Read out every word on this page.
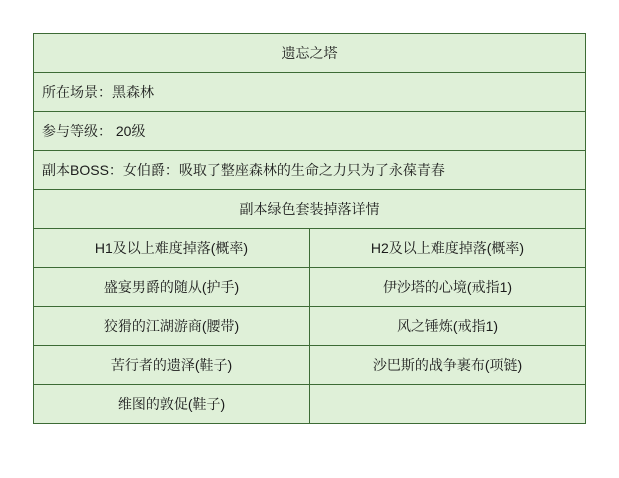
遗忘之塔	
所在场景：黑森林	
参与等级： 20级	
副本BOSS：女伯爵：吸取了整座森林的生命之力只为了永葆青春	
副本绿色套装掉落详情	
H1及以上难度掉落(概率)	H2及以上难度掉落(概率)
盛宴男爵的随从(护手)	伊沙塔的心境(戒指1)
狡猾的江湖游商(腰带)	风之锤炼(戒指1)
苦行者的遗泽(鞋子)	沙巴斯的战争裹布(项链)
维图的敦促(鞋子)	
